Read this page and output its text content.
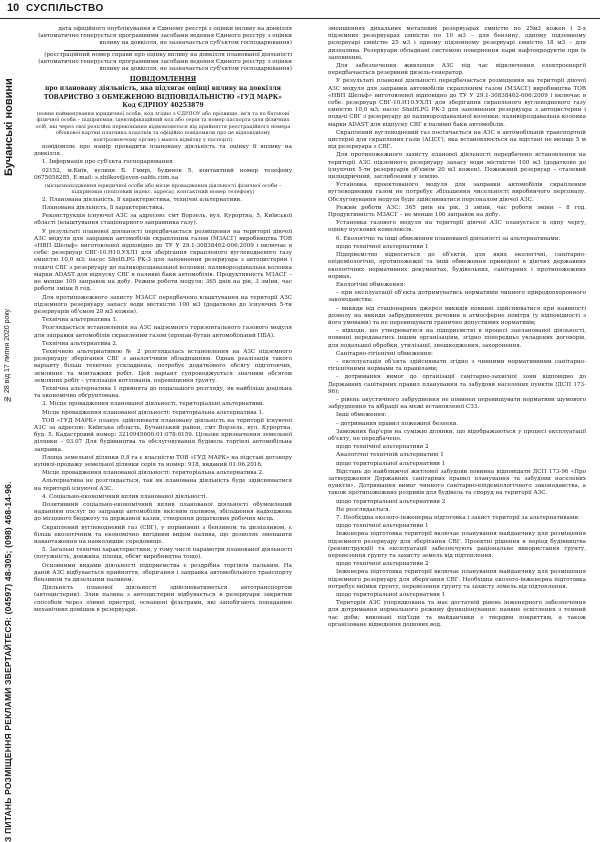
10 СУСПІЛЬСТВО
Бучанські новини
№ 28 від 17 липня 2020 року
З ПИТАНЬ РОЗМІЩЕННЯ РЕКЛАМИ ЗВЕРТАЙТЕСЯ: (04597) 48-305; (098) 468-14-96.

дата офіційного опублікування в Єдиному реєстрі з оцінки впливу на довкілля (автоматично генерується програмними засобами ведення Єдиного реєстру з оцінки впливу на довкілля, не зазначається суб'єктом господарювання)

(реєстраційний номер справи про оцінку впливу на довкілля планованої діяльності (автоматично генерується програмними засобами ведення Єдиного реєстру з оцінки впливу на довкілля, не зазначається суб'єктом господарювання)

ПОВІДОМЛЕННЯ

про плановану діяльність, яка підлягає оцінці впливу на довкілля

ТОВАРИСТВО З ОБМЕЖЕНОЮ ВІДПОВІДАЛЬНІСТЮ «ГУД МАРК»

Код ЄДРПОУ 40253879

(повне найменування юридичної особи, код згідно з ЄДРПОУ або прізвище, ім'я та по батькові фізичної особи – підприємця, ідентифікаційний код або серія та номер паспорта (для фізичних осіб, які через свої релігійні переконання відмовляються від прийняття реєстраційного номера облікової картки платника податків та офіційно повідомили про це відповідному контролюючому органу і мають відмітку у паспорті)

повідомляє про намір провадити плановану діяльність та оцінку її впливу на довкілля.

1. Інформація про суб'єкта господарювання

02152, м.Київ, вулиця Б. Гмирі, будинок 5, контактний номер телефону 0675058285, E-mail: s.zhilkov@even-oafds.com.ua

(місцезнаходження юридичної особи або місце провадження діяльності фізичної особи – підприємця (поштовий індекс, адреса), контактний номер телефону)

2. Планована діяльність, її характеристика, технічні альтернативи.

Планована діяльність, її характеристика.

Реконструкція існуючої АЗС за адресою: смт Ворзель, вул. Курортна, 5, Київської області (влаштування стаціонарного заправника газу).

У результаті планової діяльності передбачається розміщення на території діючої АЗС модуля для заправки автомобілів скрапленим газом (МЗАСГ) виробництва ТОВ «НВП Шельф» виготовленої відповідно до ТУ У 29.1-30838462-006:2009 і включає в себе: резервуар СВГ-10.Н10.УХЛ1 для зберігання скрапленого вуглеводневого газу ємністю 10,0 м3; насос ShelfLPG РК-3 для заповнення резервуара з автоцистерни і подачі СВГ з резервуару до паливороздавальної колонки; паливороздавальна колонка марки ADAST для відпуску СВГ в паливні баки автомобілів. Продуктивність МЗАСГ – не менше 100 заправок на добу. Режим роботи модуля: 365 днів на рік, 3 зміни, час роботи зміни 8 год.

Для протипожежного захисту МЗАСГ передбачено влаштування на території АЗС підземного резервуару запасу води місткістю 100 м3 (додатково до існуючих 5-ти резервуарів об'ємом 20 м3 кожен).

Технічна альтернатива 1.

Розглядається встановлення на АЗС надземного горизонтального газового модуля для заправки автомобілів скрапленим газом (пропан-бутан автомобільний ПБА).

Технічна альтернатива 2.

Технічною альтернативою № 2 розглядалась встановлення на АЗС підземного резервуару зберігання СВГ з аналогічним обладнанням. Однак реалізація такого варіанту більш технічно ускладнена, потребує додаткового обсягу підготовчих, земляних та монтажних робіт. Цей варіант супроводжується значним обсягом земляних робіт – утилізація котлованів, переміщення ґрунту.

Технічна альтернатива 1 прийнята до подальшого розгляду, як найбільш доцільна та економічно обґрунтована.

3. Місце провадження планованої діяльності, територіальні альтернативи.

Місце провадження планованої діяльності: територіальна альтернатива 1.

ТОВ «ГУД МАРК» планує здійснювати плановану діяльність на території існуючої АЗС за адресою: Київська область, Бучанський район, смт Ворзель, вул. Курортна, буд. 5. Кадастровий номер: 3210945600:01:078:0159. Цільове призначення земельної ділянки – 03.07 Для будівництва та обслуговування будівель торгівлі автомобільна заправка.

Площа земельної ділянки 0,8 га є власністю ТОВ «ГУД МАРК» на підставі договору купівлі-продажу земельної ділянки серія та номер: 918, виданий 01.06.2016.

Місце провадження планованої діяльності: територіальна альтернатива 2.

Альтернатива не розглядається, так як планована діяльність буде здійснюватися на території існуючої АЗС.

4. Соціально-економічний вплив планованої діяльності.

Позитивний соціально-економічний вплив планованої діяльності обумовлений наданням послуг по заправці автомобілів якісним паливом, збільшення надходжень до місцевого бюджету та державної казни, створення додаткових робочих місць.

Скраплений вуглеводневий газ (СВГ), у порівнянні з бензином та дизпаливом, є більш екологічним та економічно вигідним видом палива, що дозволяє зменшити навантаження на навколишнє середовище.

5. Загальні технічні характеристики, у тому числі параметри планованої діяльності (потужність, довжина, площа, обсяг виробництва тощо).

Основними видами діяльності підприємства є роздрібна торгівля пальним. На даній АЗС відбувається прийняття, зберігання і заправка автомобільного транспорту бензином та дизельним паливом.

Діяльність планової діяльності здійснюватиметься автотранспортом (автоцистерни). Злив палива з автоцистерни відбувається в резервуари закритим способом через зливні пристрої, оснащені фільтрами, які запобігають попаданню механічних домішок в резервуари.

зменшеннях дихальних металевих резервуарах ємністю по 25м3 кожен і 2-х підземних резервуарах ємністю по 10 м3 – для бензину, одному підземному резервуарі ємністю 25 м3 і одному підземному резервуарі ємністю 18 м3 – для дизпалива. Резервуари обладнані системою повернення пари нафтопродуктів при їх заповненні.

Для забезпечення живлення АЗС під час відключення електроенергії передбачається резервний дизель-генератор.

У результаті планової діяльності передбачається розміщення на території діючої АЗС модуля для заправки автомобілів скрапленим газом (МЗАСГ) виробництва ТОВ «НВП Шельф» виготовленої відповідно до ТУ У 29.1-30838462-006:2009 і включає в себе: резервуар СВГ-10.Н10.УХЛ1 для зберігання скрапленого вуглеводневого газу ємністю 10,0 м3; насос ShelfLPG РК-3 для заповнення резервуара з автоцистерни і подачі СВГ з резервуару до паливороздавальної колонки; паливороздавальна колонка марки ADAST для відпуску СВГ в паливні баки автомобілів.

Скраплений вуглеводневий газ постачається на АЗС в автомобільній транспортній цистерні для скраплених газів (АЦСГ), яка встановлюється на відстані не менше 5 м від резервуара з СВГ.

Для протипожежного захисту планової діяльності передбачено встановлення на території АЗС підземного резервуару запасу води місткістю 100 м3 (додатково до існуючих 5-ти резервуарів об'ємом 20 м3 кожен). Пожежний резервуар – сталевий циліндричний, заглиблений у землю.

Установка проектованого модуля для заправки автомобілів скрапленим вуглеводневим газом не потребує збільшення чисельності виробничого персоналу. Обслуговування модуля буде здійснюватися персоналом діючої АЗС.

Режим роботи АЗС: 365 днів на рік, 3 зміни, час роботи зміни – 8 год. Продуктивність МЗАСГ – не менше 100 заправок на добу.

Установка газового модуля на території діючої АЗС планується в одну чергу, оцінку пускових комплексів.

6. Екологічні та інші обмеження планованої діяльності за альтернативами:

щодо технічної альтернативи 1

Підприємство відноситься до об'єктів, для яких екологічні, санітарно-епідеміологічні, протипожежні та інші обмеження приведені в діючих державних екологічних нормативних документах, будівельних, санітарних і протипожежних нормах.

Екологічні обмеження:

– при експлуатації об'єкта дотримуватись нормативів чинного природоохоронного законодавства;

– викиди від стаціонарних джерел викидів повинні здійснюватися при наявності дозволу на викиди забруднюючих речовин в атмосферне повітря (у відповідності з його умовами) та не перевищувати гранично допустимих нормативів;

– відходи, що утворюватися на підприємстві в процесі запланованої діяльності, повинні передаватись іншим організаціям, згідно попередньо укладених договорів, для подальшої обробки, утилізації, знешкодження, захоронення.

Санітарно-гігієнічні обмеження:

– експлуатація об'єкта здійснювати згідно з чинними нормативними санітарно-гігієнічними нормами та правилами;

– дотримання вимог до організації санітарно-захисної зони відповідно до Державних санітарних правил планування та забудови населених пунктів (ДСП 173-96);

– рівень акустичного забруднення не повинен перевищувати нормативи шумового забруднення та вібрації на межі встановленої СЗЗ.

Інші обмеження:

– дотримання правил пожежної безпеки.

Заможних бар'єрів на суміжні ділянки, що відображаються у процесі експлуатації об'єкту, не передбачено.

щодо технічної альтернативи 2

Аналогічні технічній альтернативі 1

щодо територіальної альтернативи 1

Відстань до найближчої житлової забудови повинна відповідати ДСП 173-96 «Про затвердження Державних санітарних правил планування та забудови населених пунктів». Дотримання вимог чинного санітарно-епідеміологічного законодавства, а також протипожежних розривів для будівель та споруд на території АЗС.

щодо територіальної альтернативи 2

Не розглядається.

7. Необхідна еколого-інженерна підготовка і захист території за альтернативами:

щодо технічної альтернативи 1

Інженерна підготовка території включає планування майданчику для розміщення підземного резервуару для зберігання СВГ. Проектні рішення в період будівництва (реконструкції) та експлуатації забезпечують раціональне використання ґрунту, перевезення ґрунту та захисту земель від підтоплення.

щодо технічної альтернативи 2

Інженерна підготовка території включає планування майданчику для розміщення підземного резервуару для зберігання СВГ. Необхідна еколого-інженерна підготовка потребує виїмки ґрунту, перевезення ґрунту та захисту земель від підтоплення.

щодо територіальної альтернативи 1

Територія АЗС упорядкована та має достатній рівень інженерного забезпечення для дотримання нормального режиму функціонування: наявне освітлення з темний час доби; виконані під'їзди та майданчики з твердим покриттям, а також організоване відведення дощових вод.
